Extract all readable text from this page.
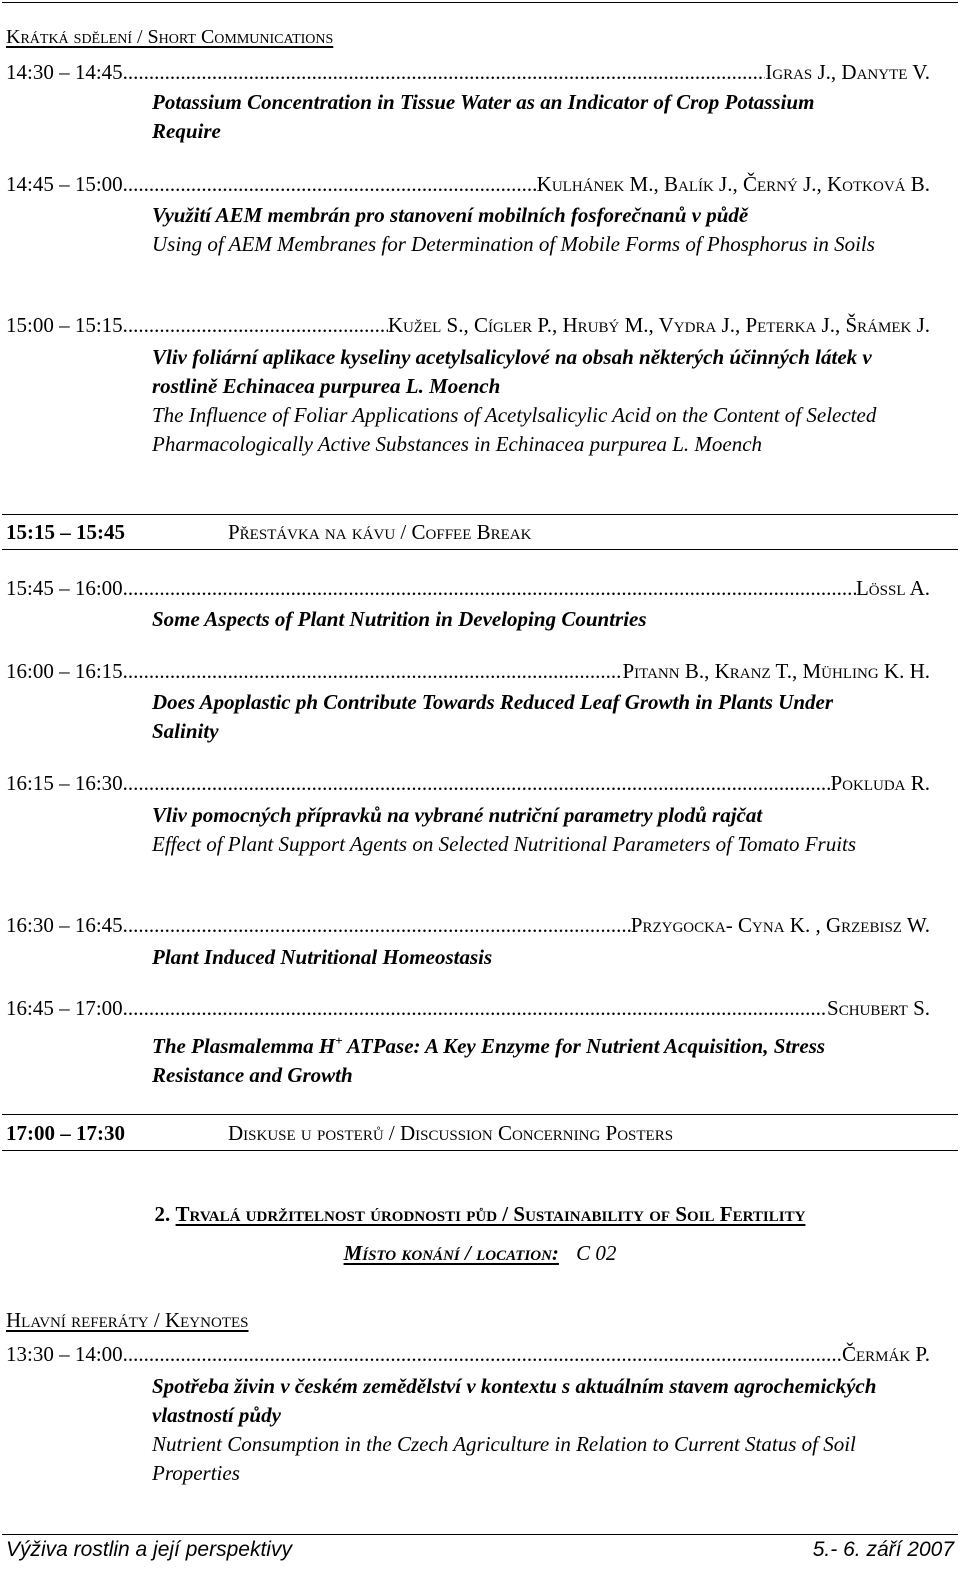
Krátká sdělení / Short Communications
14:30 – 14:45 .....	Igras J., Danyte V.
Potassium Concentration in Tissue Water as an Indicator of Crop Potassium Require
14:45 – 15:00 .....	Kulhánek M., Balík J., Černý J., Kotková B.
Využití AEM membrán pro stanovení mobilních fosforečnanů v půdě
Using of AEM Membranes for Determination of Mobile Forms of Phosphorus in Soils
15:00 – 15:15 .....	Kužel S., Cígler P., Hrubý M., Vydra J., Peterka J., Šrámek J.
Vliv foliární aplikace kyseliny acetylsalicylové na obsah některých účinných látek v rostlině Echinacea purpurea L. Moench
The Influence of Foliar Applications of Acetylsalicylic Acid on the Content of Selected Pharmacologically Active Substances in Echinacea purpurea L. Moench
15:15 – 15:45	Přestávka na kávu / Coffee Break
15:45 – 16:00 .....	Lössl A.
Some Aspects of Plant Nutrition in Developing Countries
16:00 – 16:15 .....	Pitann B., Kranz T., Mühling K. H.
Does Apoplastic ph Contribute Towards Reduced Leaf Growth in Plants Under Salinity
16:15 – 16:30 .....	Pokluda R.
Vliv pomocných přípravků na vybrané nutriční parametry plodů rajčat
Effect of Plant Support Agents on Selected Nutritional Parameters of Tomato Fruits
16:30 – 16:45 .....	Przygocka- Cyna K. , Grzebisz W.
Plant Induced Nutritional Homeostasis
16:45 – 17:00 .....	Schubert S.
The Plasmalemma H+ ATPase: A Key Enzyme for Nutrient Acquisition, Stress Resistance and Growth
17:00 – 17:30	Diskuse u posterů / Discussion Concerning Posters
2. Trvalá udržitelnost úrodnosti půd / Sustainability of Soil Fertility
Místo konání / location: C 02
Hlavní referáty / Keynotes
13:30 – 14:00 .....	Čermák P.
Spotřeba živin v českém zemědělství v kontextu s aktuálním stavem agrochemických vlastností půdy
Nutrient Consumption in the Czech Agriculture in Relation to Current Status of Soil Properties
Výživa rostlin a její perspektivy	5.- 6. září 2007
